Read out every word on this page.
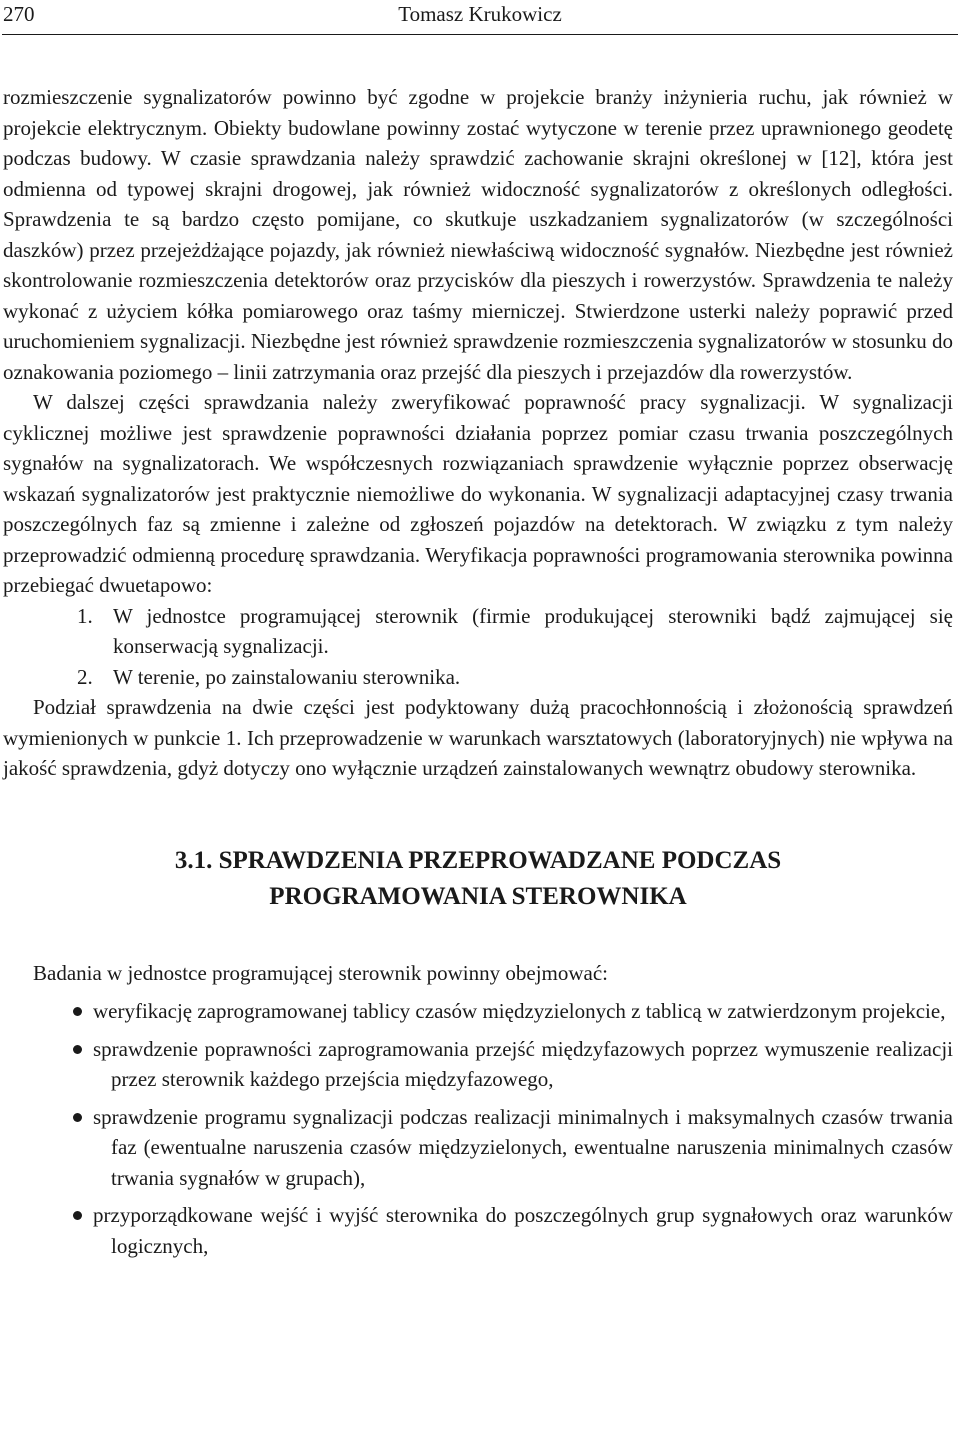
270	Tomasz Krukowicz

rozmieszczenie sygnalizatorów powinno być zgodne w projekcie branży inżynieria ruchu, jak również w projekcie elektrycznym. Obiekty budowlane powinny zostać wytyczone w terenie przez uprawnionego geodetę podczas budowy. W czasie sprawdzania należy sprawdzić zachowanie skrajni określonej w [12], która jest odmienna od typowej skrajni drogowej, jak również widoczność sygnalizatorów z określonych odległości. Sprawdzenia te są bardzo często pomijane, co skutkuje uszkadzaniem sygnalizatorów (w szczególności daszków) przez przejeżdżające pojazdy, jak również niewłaściwą widoczność sygnałów. Niezbędne jest również skontrolowanie rozmieszczenia detektorów oraz przycisków dla pieszych i rowerzystów. Sprawdzenia te należy wykonać z użyciem kółka pomiarowego oraz taśmy mierniczej. Stwierdzone usterki należy poprawić przed uruchomieniem sygnalizacji. Niezbędne jest również sprawdzenie rozmieszczenia sygnalizatorów w stosunku do oznakowania poziomego – linii zatrzymania oraz przejść dla pieszych i przejazdów dla rowerzystów.

W dalszej części sprawdzania należy zweryfikować poprawność pracy sygnalizacji. W sygnalizacji cyklicznej możliwe jest sprawdzenie poprawności działania poprzez pomiar czasu trwania poszczególnych sygnałów na sygnalizatorach. We współczesnych rozwiązaniach sprawdzenie wyłącznie poprzez obserwację wskazań sygnalizatorów jest praktycznie niemożliwe do wykonania. W sygnalizacji adaptacyjnej czasy trwania poszczególnych faz są zmienne i zależne od zgłoszeń pojazdów na detektorach. W związku z tym należy przeprowadzić odmienną procedurę sprawdzania. Weryfikacja poprawności programowania sterownika powinna przebiegać dwuetapowo:

1. W jednostce programującej sterownik (firmie produkującej sterowniki bądź zajmującej się konserwacją sygnalizacji.
2. W terenie, po zainstalowaniu sterownika.

Podział sprawdzenia na dwie części jest podyktowany dużą pracochłonnością i złożonością sprawdzeń wymienionych w punkcie 1. Ich przeprowadzenie w warunkach warsztatowych (laboratoryjnych) nie wpływa na jakość sprawdzenia, gdyż dotyczy ono wyłącznie urządzeń zainstalowanych wewnątrz obudowy sterownika.

3.1. SPRAWDZENIA PRZEPROWADZANE PODCZAS
PROGRAMOWANIA STEROWNIKA

Badania w jednostce programującej sterownik powinny obejmować:

weryfikację zaprogramowanej tablicy czasów międzyzielonych z tablicą w zatwierdzonym projekcie,
sprawdzenie poprawności zaprogramowania przejść międzyfazowych poprzez wymuszenie realizacji przez sterownik każdego przejścia międzyfazowego,
sprawdzenie programu sygnalizacji podczas realizacji minimalnych i maksymalnych czasów trwania faz (ewentualne naruszenia czasów międzyzielonych, ewentualne naruszenia minimalnych czasów trwania sygnałów w grupach),
przyporządkowane wejść i wyjść sterownika do poszczególnych grup sygnałowych oraz warunków logicznych,
